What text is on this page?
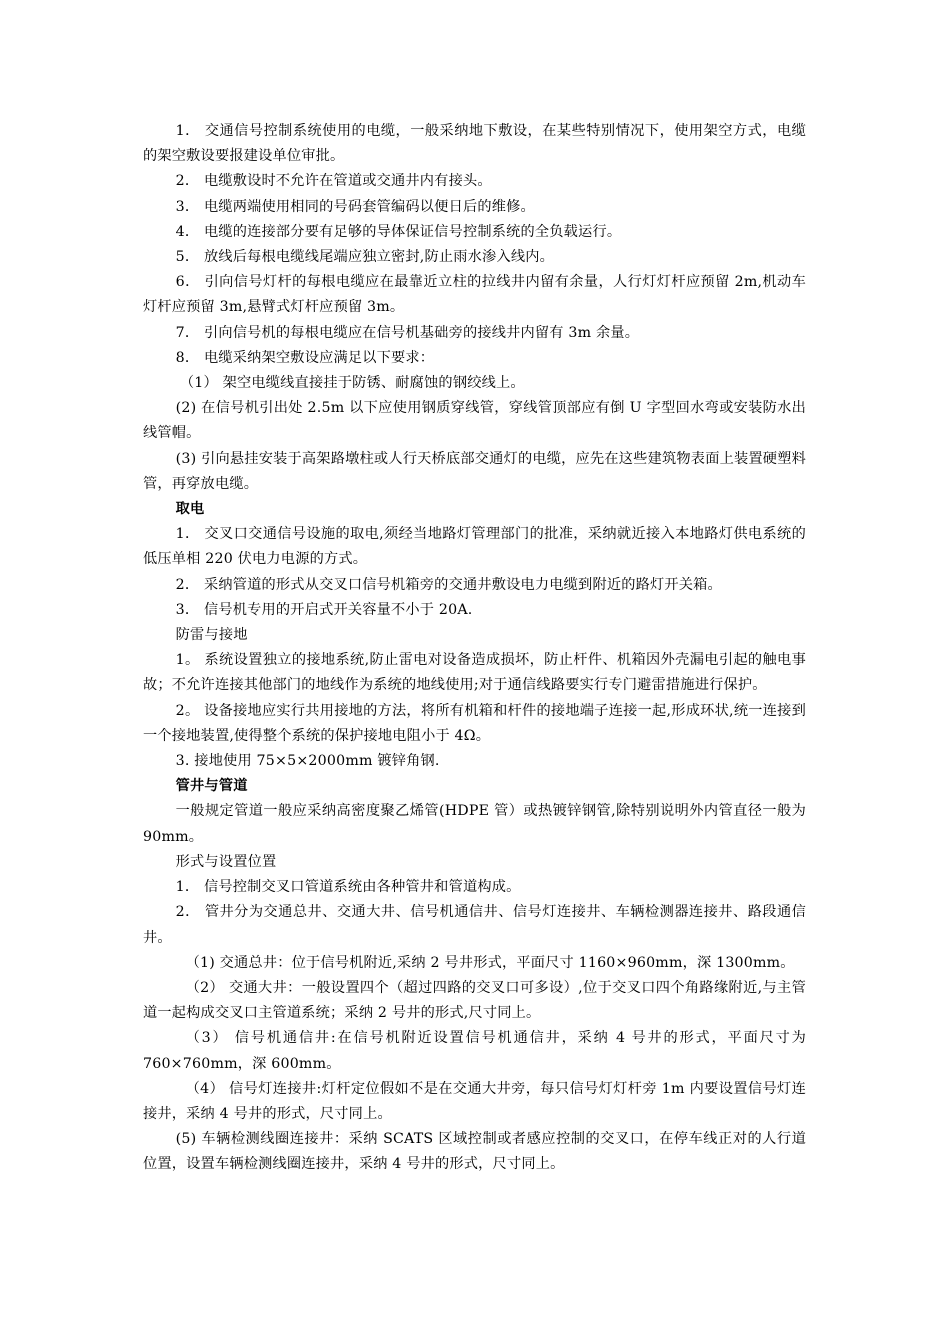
1． 交通信号控制系统使用的电缆，一般采纳地下敷设，在某些特别情况下，使用架空方式，电缆的架空敷设要报建设单位审批。

2． 电缆敷设时不允许在管道或交通井内有接头。

3． 电缆两端使用相同的号码套管编码以便日后的维修。

4． 电缆的连接部分要有足够的导体保证信号控制系统的全负载运行。

5． 放线后每根电缆线尾端应独立密封,防止雨水渗入线内。

6． 引向信号灯杆的每根电缆应在最靠近立柱的拉线井内留有余量，人行灯灯杆应预留 2m,机动车灯杆应预留 3m,悬臂式灯杆应预留 3m。

7． 引向信号机的每根电缆应在信号机基础旁的接线井内留有 3m 余量。

8． 电缆采纳架空敷设应满足以下要求：

（1） 架空电缆线直接挂于防锈、耐腐蚀的钢绞线上。

(2) 在信号机引出处 2.5m 以下应使用钢质穿线管，穿线管顶部应有倒 U 字型回水弯或安装防水出线管帽。

(3) 引向悬挂安装于高架路墩柱或人行天桥底部交通灯的电缆，应先在这些建筑物表面上装置硬塑料管，再穿放电缆。

取电

1． 交叉口交通信号设施的取电,须经当地路灯管理部门的批准，采纳就近接入本地路灯供电系统的低压单相 220 伏电力电源的方式。

2． 采纳管道的形式从交叉口信号机箱旁的交通井敷设电力电缆到附近的路灯开关箱。

3． 信号机专用的开启式开关容量不小于 20A.

防雷与接地

1。 系统设置独立的接地系统,防止雷电对设备造成损坏，防止杆件、机箱因外壳漏电引起的触电事故；不允许连接其他部门的地线作为系统的地线使用;对于通信线路要实行专门避雷措施进行保护。

2。 设备接地应实行共用接地的方法，将所有机箱和杆件的接地端子连接一起,形成环状,统一连接到一个接地装置,使得整个系统的保护接地电阻小于 4Ω。

3. 接地使用 75×5×2000mm 镀锌角钢.

管井与管道

一般规定管道一般应采纳高密度聚乙烯管(HDPE 管）或热镀锌钢管,除特别说明外内管直径一般为 90mm。

形式与设置位置

1． 信号控制交叉口管道系统由各种管井和管道构成。

2． 管井分为交通总井、交通大井、信号机通信井、信号灯连接井、车辆检测器连接井、路段通信井。

（1) 交通总井：位于信号机附近,采纳 2 号井形式，平面尺寸 1160×960mm，深 1300mm。

（2） 交通大井：一般设置四个（超过四路的交叉口可多设）,位于交叉口四个角路缘附近,与主管道一起构成交叉口主管道系统；采纳 2 号井的形式,尺寸同上。

（3） 信号机通信井:在信号机附近设置信号机通信井，采纳 4 号井的形式，平面尺寸为 760×760mm，深 600mm。

（4） 信号灯连接井:灯杆定位假如不是在交通大井旁，每只信号灯灯杆旁 1m 内要设置信号灯连接井，采纳 4 号井的形式，尺寸同上。

(5) 车辆检测线圈连接井：采纳 SCATS 区域控制或者感应控制的交叉口，在停车线正对的人行道位置，设置车辆检测线圈连接井，采纳 4 号井的形式，尺寸同上。
